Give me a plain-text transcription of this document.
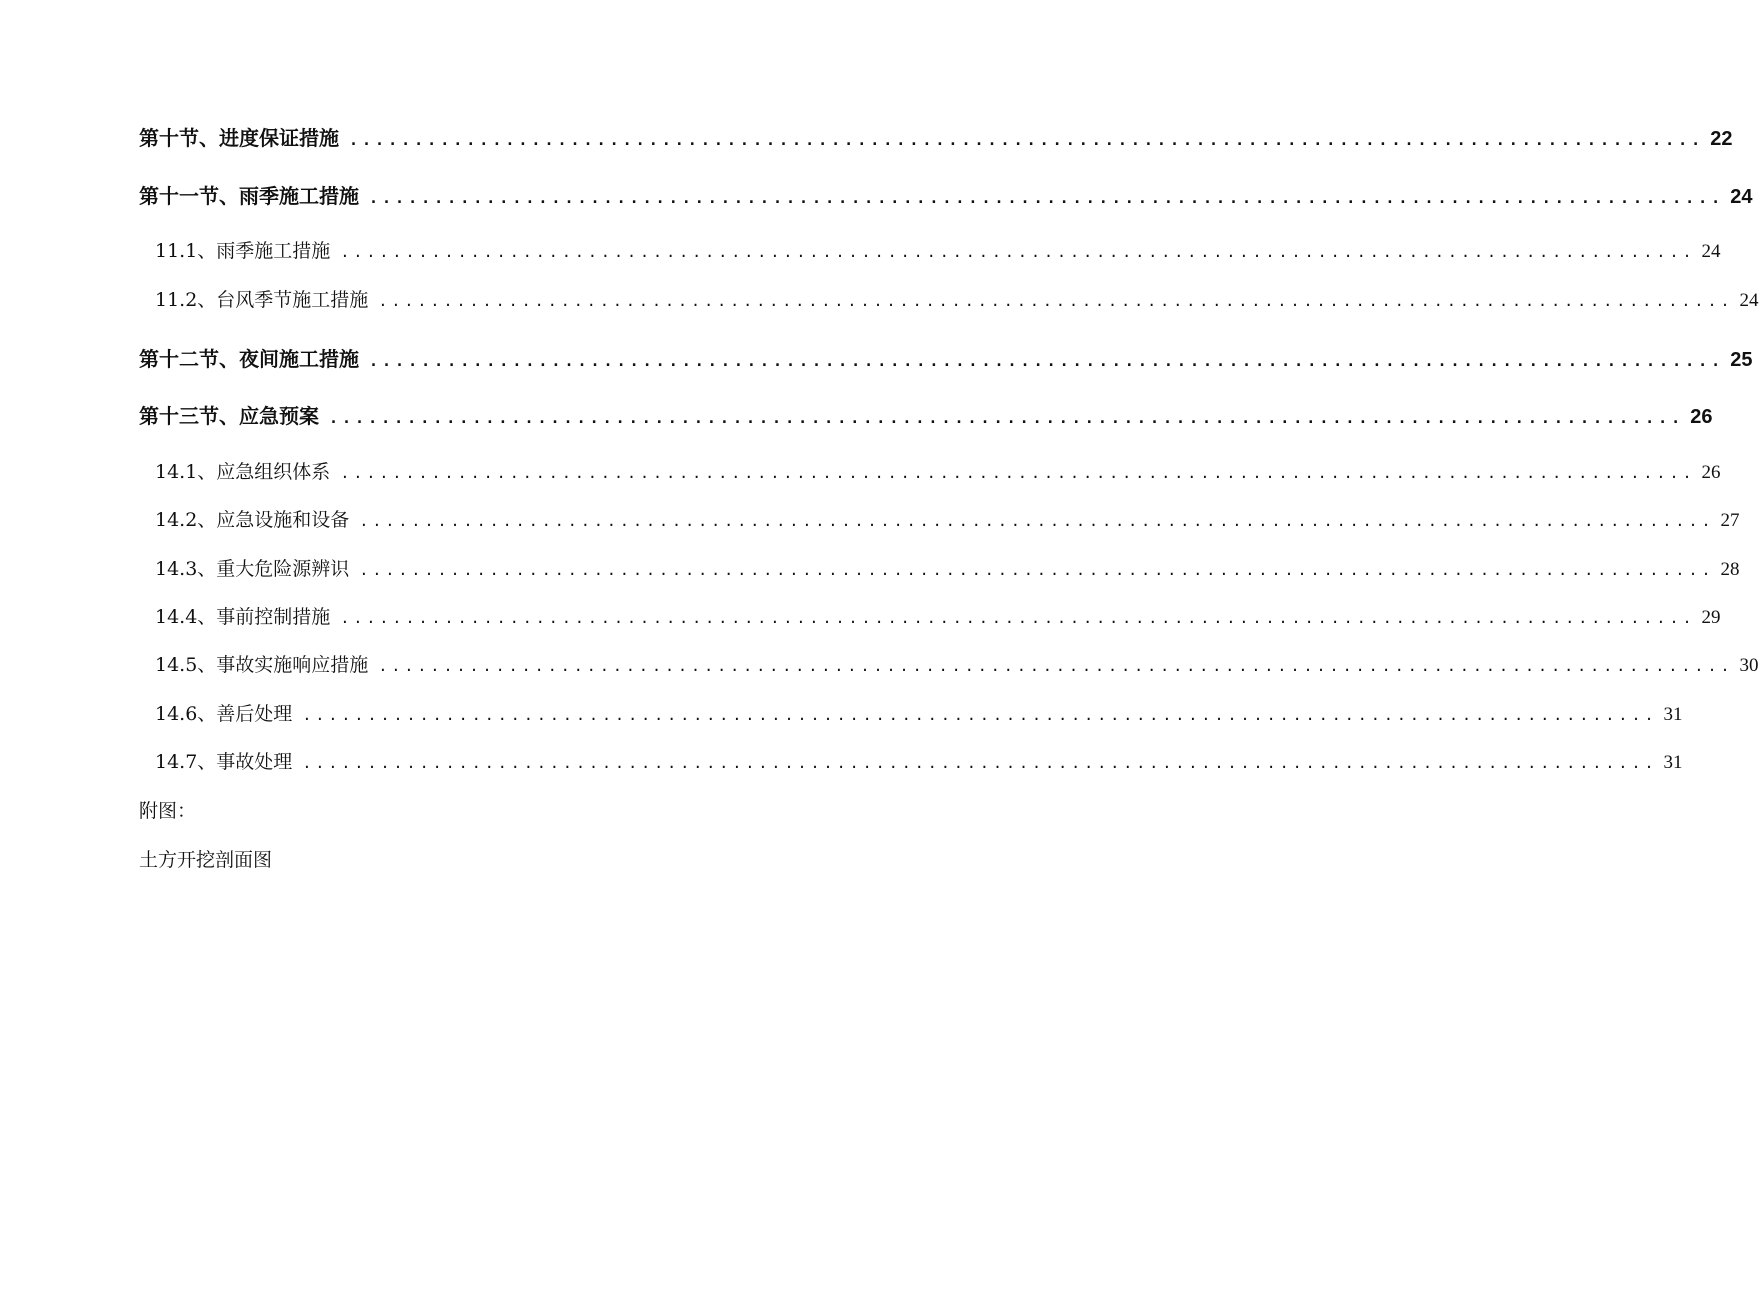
第十节、进度保证措施 ........................................................................................................ 22
第十一节、雨季施工措施 ........................................................................................................ 24
11.1、雨季施工措施 ........................................................................................................ 24
11.2、台风季节施工措施 ........................................................................................................ 24
第十二节、夜间施工措施 ........................................................................................................ 25
第十三节、应急预案 ........................................................................................................ 26
14.1、应急组织体系 ........................................................................................................ 26
14.2、应急设施和设备 ........................................................................................................ 27
14.3、重大危险源辨识 ........................................................................................................ 28
14.4、事前控制措施 ........................................................................................................ 29
14.5、事故实施响应措施 ........................................................................................................ 30
14.6、善后处理 ........................................................................................................ 31
14.7、事故处理 ........................................................................................................ 31
附图：
土方开挖剖面图
